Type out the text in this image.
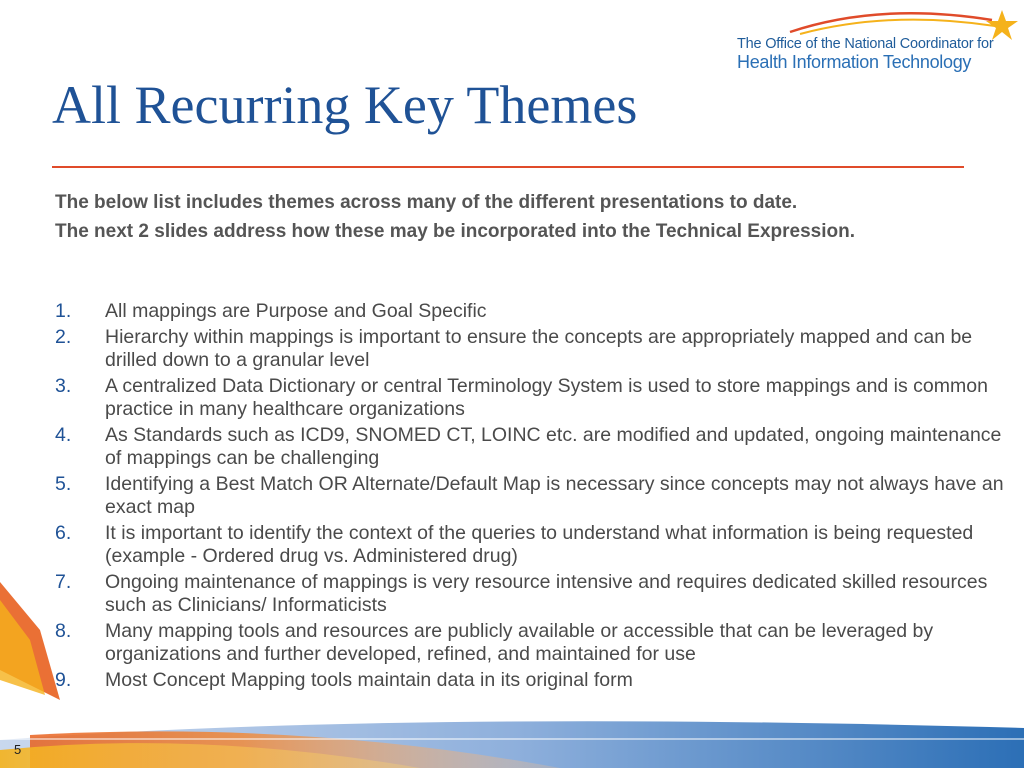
The Office of the National Coordinator for
Health Information Technology
All Recurring Key Themes

The below list includes themes across many of the different presentations to date.

The next 2 slides address how these may be incorporated into the Technical Expression.

1. All mappings are Purpose and Goal Specific
2. Hierarchy within mappings is important to ensure the concepts are appropriately mapped and can be drilled down to a granular level
3. A centralized Data Dictionary or central Terminology System is used to store mappings and is common practice in many healthcare organizations
4. As Standards such as ICD9, SNOMED CT, LOINC etc. are modified and updated, ongoing maintenance of mappings can be challenging
5. Identifying a Best Match OR Alternate/Default Map is necessary since concepts may not always have an exact map
6. It is important to identify the context of the queries to understand what information is being requested (example - Ordered drug vs. Administered drug)
7. Ongoing maintenance of mappings is very resource intensive and requires dedicated skilled resources such as Clinicians/ Informaticists
8. Many mapping tools and resources are publicly available or accessible that can be leveraged by organizations and further developed, refined, and maintained for use
9. Most Concept Mapping tools maintain data in its original form
5
